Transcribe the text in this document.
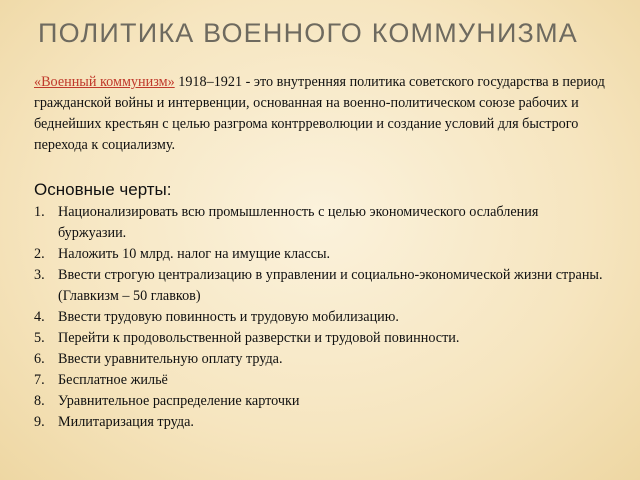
ПОЛИТИКА ВОЕННОГО КОММУНИЗМА
«Военный коммунизм» 1918–1921 - это внутренняя политика советского государства в период гражданской войны и интервенции, основанная на военно-политическом союзе рабочих и беднейших крестьян с целью разгрома контрреволюции и создание условий для быстрого перехода к социализму.
Основные черты:
1. Национализировать всю промышленность с целью экономического ослабления буржуазии.
2. Наложить 10 млрд. налог на имущие классы.
3. Ввести строгую централизацию в управлении и социально-экономической жизни страны. (Главкизм – 50 главков)
4. Ввести трудовую повинность и трудовую мобилизацию.
5. Перейти к продовольственной разверстки и трудовой повинности.
6. Ввести уравнительную оплату труда.
7. Бесплатное жильё
8. Уравнительное распределение карточки
9. Милитаризация труда.
